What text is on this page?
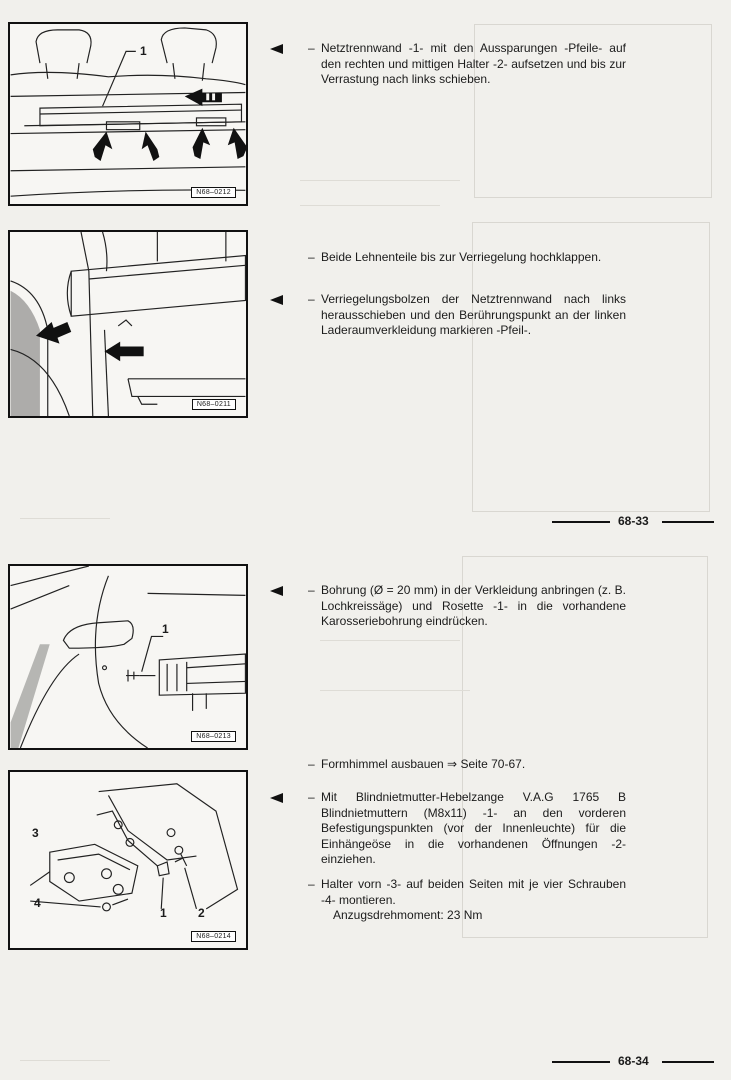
1
N68–0212
N68–0211
– Netztrennwand -1- mit den Aussparungen -Pfeile- auf den rechten und mittigen Halter -2- aufsetzen und bis zur Verrastung nach links schieben.
– Beide Lehnenteile bis zur Verriegelung hochklappen.
– Verriegelungsbolzen der Netztrennwand nach links herausschieben und den Berührungspunkt an der linken Laderaumverkleidung markieren -Pfeil-.
68-33
1
N68–0213
3
4
1	2
N68–0214
– Bohrung (Ø = 20 mm) in der Verkleidung anbringen (z. B. Lochkreissäge) und Rosette -1- in die vorhandene Karosseriebohrung eindrücken.
– Formhimmel ausbauen ⇒ Seite 70-67.
– Mit Blindnietmutter-Hebelzange V.A.G 1765 B Blindnietmuttern (M8x11) -1- an den vorderen Befestigungspunkten (vor der Innenleuchte) für die Einhängeöse in die vorhandenen Öffnungen -2- einziehen.
– Halter vorn -3- auf beiden Seiten mit je vier Schrauben -4- montieren.
Anzugsdrehmoment: 23 Nm
68-34
